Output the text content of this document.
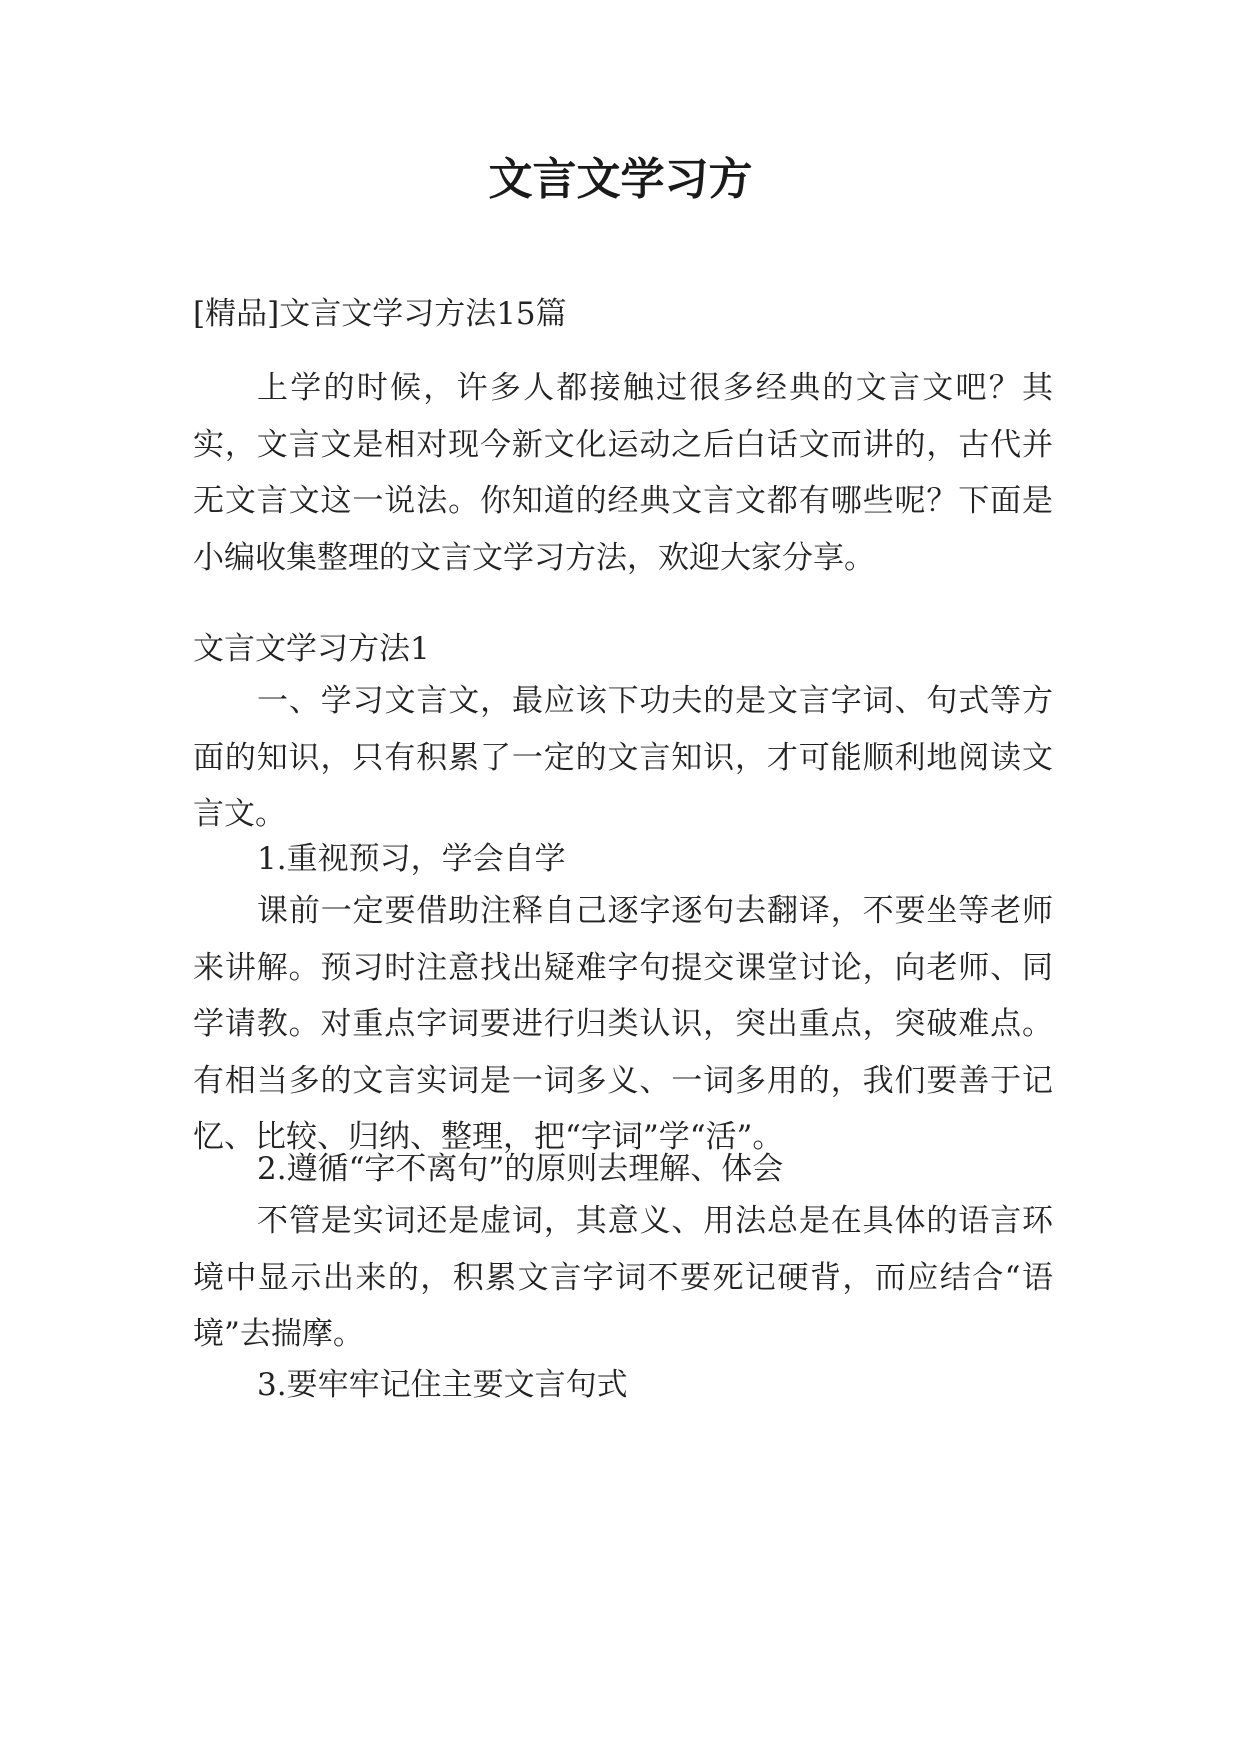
文言文学习方

[精品]文言文学习方法15篇

上学的时候，许多人都接触过很多经典的文言文吧？其实，文言文是相对现今新文化运动之后白话文而讲的，古代并无文言文这一说法。你知道的经典文言文都有哪些呢？下面是小编收集整理的文言文学习方法，欢迎大家分享。

文言文学习方法1

一、学习文言文，最应该下功夫的是文言字词、句式等方面的知识，只有积累了一定的文言知识，才可能顺利地阅读文言文。

1.重视预习，学会自学

课前一定要借助注释自己逐字逐句去翻译，不要坐等老师来讲解。预习时注意找出疑难字句提交课堂讨论，向老师、同学请教。对重点字词要进行归类认识，突出重点，突破难点。有相当多的文言实词是一词多义、一词多用的，我们要善于记忆、比较、归纳、整理，把“字词”学“活”。

2.遵循“字不离句”的原则去理解、体会

不管是实词还是虚词，其意义、用法总是在具体的语言环境中显示出来的，积累文言字词不要死记硬背，而应结合“语境”去揣摩。

3.要牢牢记住主要文言句式
